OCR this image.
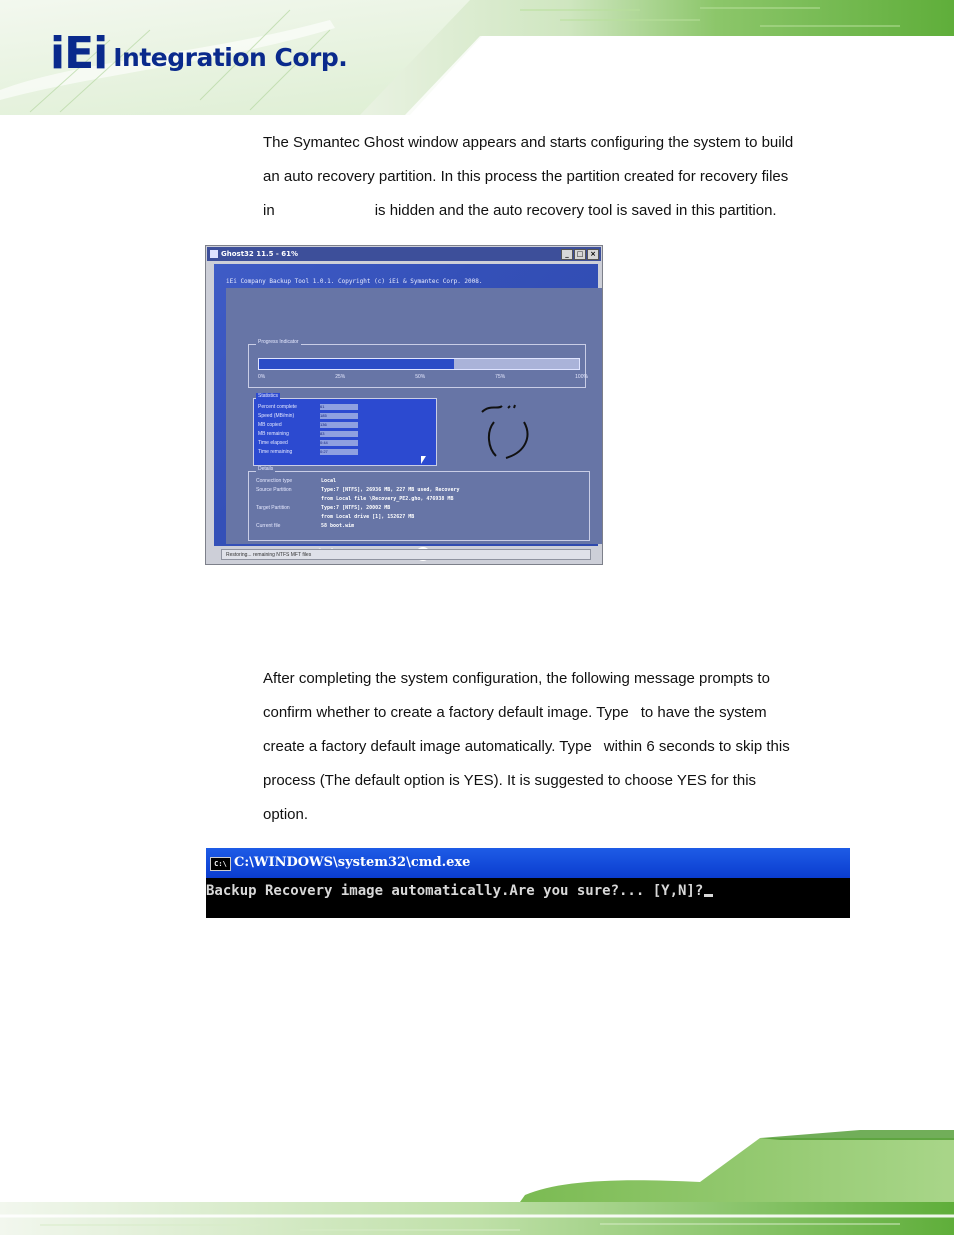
iEi Integration Corp.

The Symantec Ghost window appears and starts configuring the system to build

an auto recovery partition. In this process the partition created for recovery files

in	is hidden and the auto recovery tool is saved in this partition.

Ghost32 11.5 - 61%	_	□ ×
iEi Company Backup Tool 1.0.1. Copyright (c) iEi & Symantec Corp. 2008.
Progress Indicator
0%	25%	50%	75%	100%
Percent complete	61
Speed (MB/min)	185
MB copied	136
MB remaining	83
Time elapsed	0:44
Time remaining	0:27
Statistics
Details
Connection type	Local
Source Partition	Type:7 [NTFS], 26936 MB, 227 MB used, Recovery
from Local file \Recovery_PE2.gho, 476938 MB
Target Partition	Type:7 [NTFS], 20002 MB
from Local drive [1], 152627 MB
Current file	58 boot.wim
Restoring... remaining NTFS MFT files

After completing the system configuration, the following message prompts to

confirm whether to create a factory default image. Type to have the system

create a factory default image automatically. Type within 6 seconds to skip this

process (The default option is YES). It is suggested to choose YES for this

option.

C:\ C:\WINDOWS\system32\cmd.exe
Backup Recovery image automatically.Are you sure?... [Y,N]?
